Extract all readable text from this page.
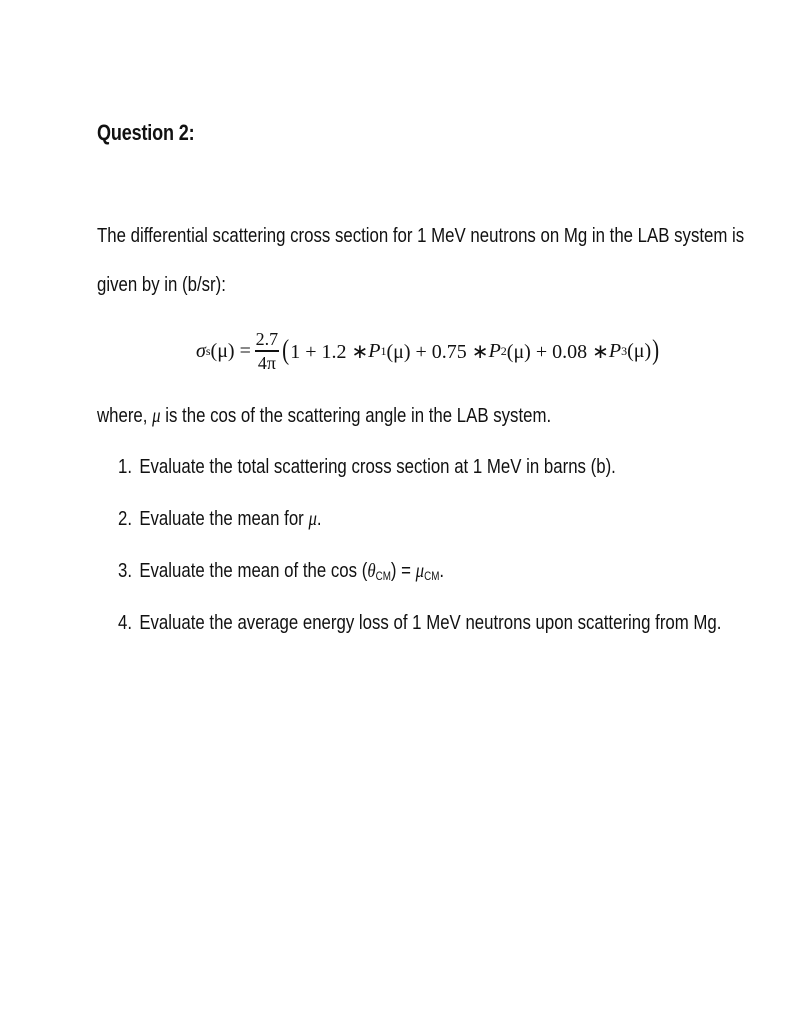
Question 2:
The differential scattering cross section for 1 MeV neutrons on Mg in the LAB system is
given by in (b/sr):
σ s $(\mu) = \frac{2.7}{4\pi}$ ( 1 + 1.2 ∗ P 1 (μ) + 0.75 ∗ P 2 (μ) + 0.08 ∗ P 3 (μ) )
where, μ is the cos of the scattering angle in the LAB system.
1. Evaluate the total scattering cross section at 1 MeV in barns (b).
2. Evaluate the mean for μ.
3. Evaluate the mean of the cos (θCM) = μCM.
4. Evaluate the average energy loss of 1 MeV neutrons upon scattering from Mg.
